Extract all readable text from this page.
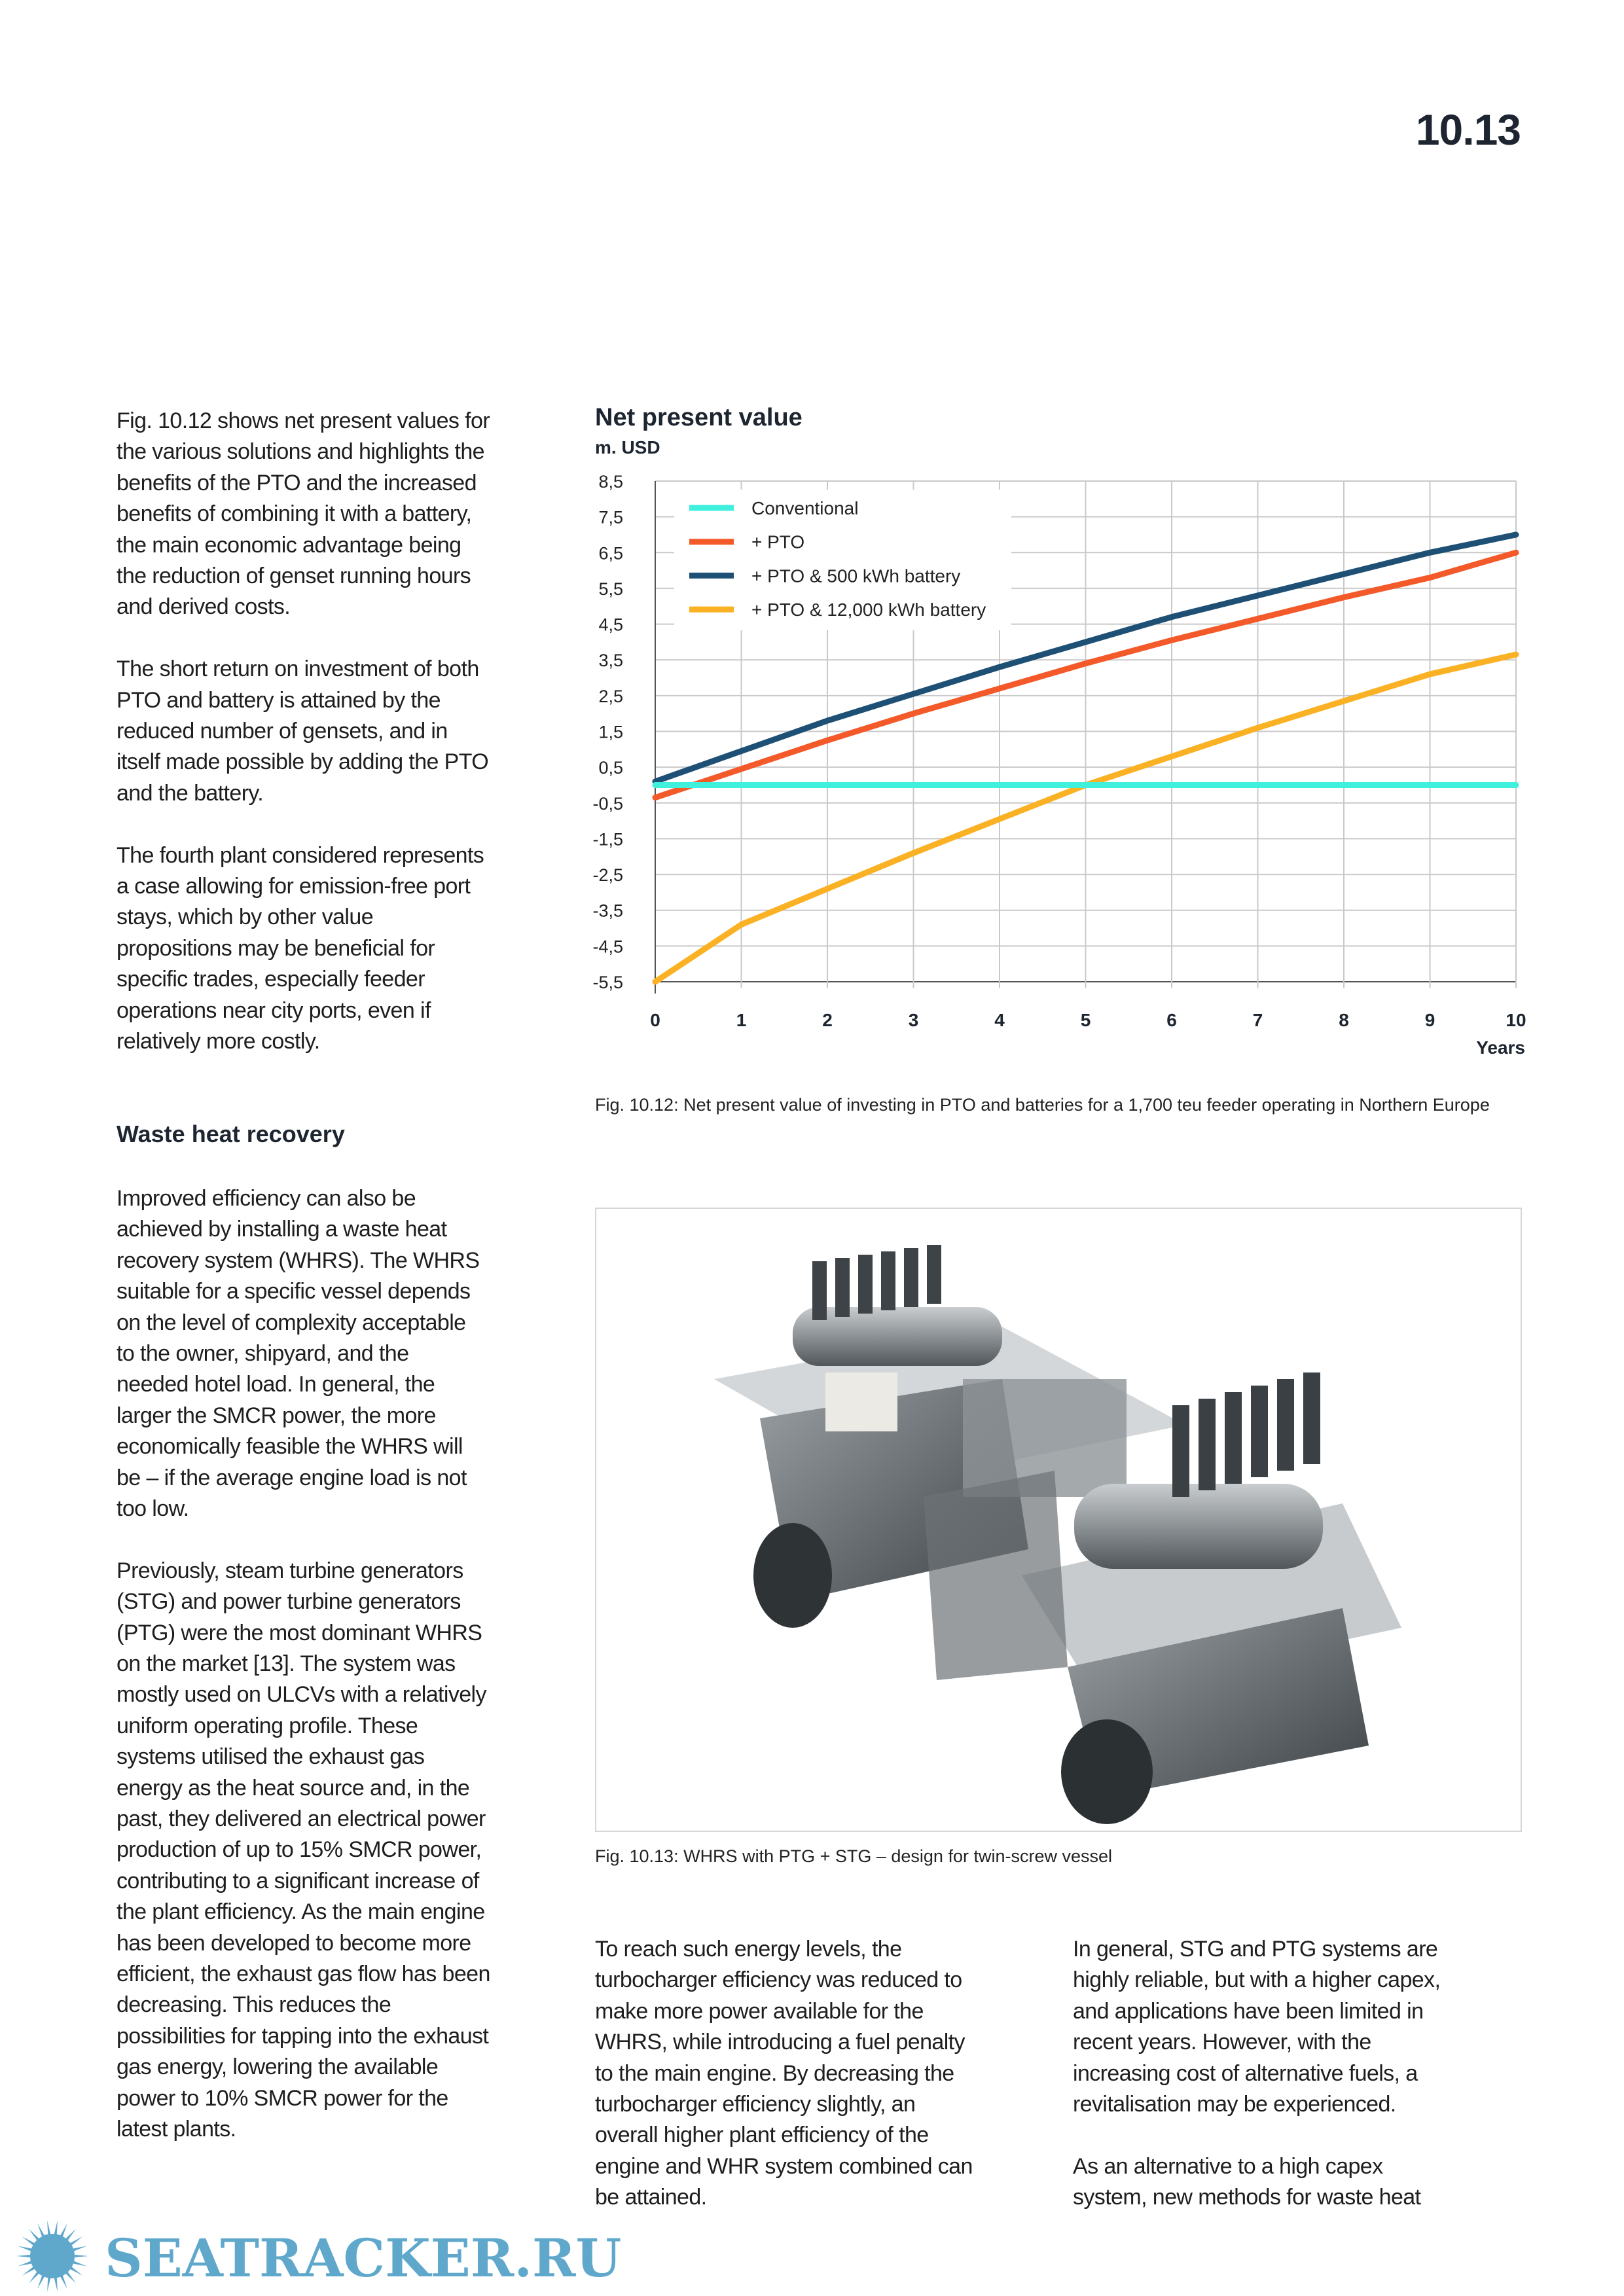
10.13
Fig. 10.12 shows net present values for
the various solutions and highlights the
benefits of the PTO and the increased
benefits of combining it with a battery,
the main economic advantage being
the reduction of genset running hours
and derived costs.
The short return on investment of both
PTO and battery is attained by the
reduced number of gensets, and in
itself made possible by adding the PTO
and the battery.
The fourth plant considered represents
a case allowing for emission-free port
stays, which by other value
propositions may be beneficial for
specific trades, especially feeder
operations near city ports, even if
relatively more costly.
Improved efficiency can also be
achieved by installing a waste heat
recovery system (WHRS). The WHRS
suitable for a specific vessel depends
on the level of complexity acceptable
to the owner, shipyard, and the
needed hotel load. In general, the
larger the SMCR power, the more
economically feasible the WHRS will
be – if the average engine load is not
too low.
Previously, steam turbine generators
(STG) and power turbine generators
(PTG) were the most dominant WHRS
on the market [13]. The system was
mostly used on ULCVs with a relatively
uniform operating profile. These
systems utilised the exhaust gas
energy as the heat source and, in the
past, they delivered an electrical power
production of up to 15% SMCR power,
contributing to a significant increase of
the plant efficiency. As the main engine
has been developed to become more
efficient, the exhaust gas flow has been
decreasing. This reduces the
possibilities for tapping into the exhaust
gas energy, lowering the available
power to 10% SMCR power for the
latest plants.
To reach such energy levels, the
turbocharger efficiency was reduced to
make more power available for the
WHRS, while introducing a fuel penalty
to the main engine. By decreasing the
turbocharger efficiency slightly, an
overall higher plant efficiency of the
engine and WHR system combined can
be attained.
In general, STG and PTG systems are
highly reliable, but with a higher capex,
and applications have been limited in
recent years. However, with the
increasing cost of alternative fuels, a
revitalisation may be experienced.
As an alternative to a high capex
system, new methods for waste heat
Waste heat recovery
Net present value
m. USD
8,5
7,5
6,5
5,5
4,5
3,5
2,5
1,5
0,5
-0,5
-1,5
-2,5
-3,5
-4,5
-5,5
0	1	2	3	4	5	6	7	8	9	10
Years
Conventional
+ PTO
+ PTO & 500 kWh battery
+ PTO & 12,000 kWh battery
Fig. 10.12: Net present value of investing in PTO and batteries for a 1,700 teu feeder operating in Northern Europe
Fig. 10.13: WHRS with PTG + STG – design for twin-screw vessel
SEATRACKER.RU
